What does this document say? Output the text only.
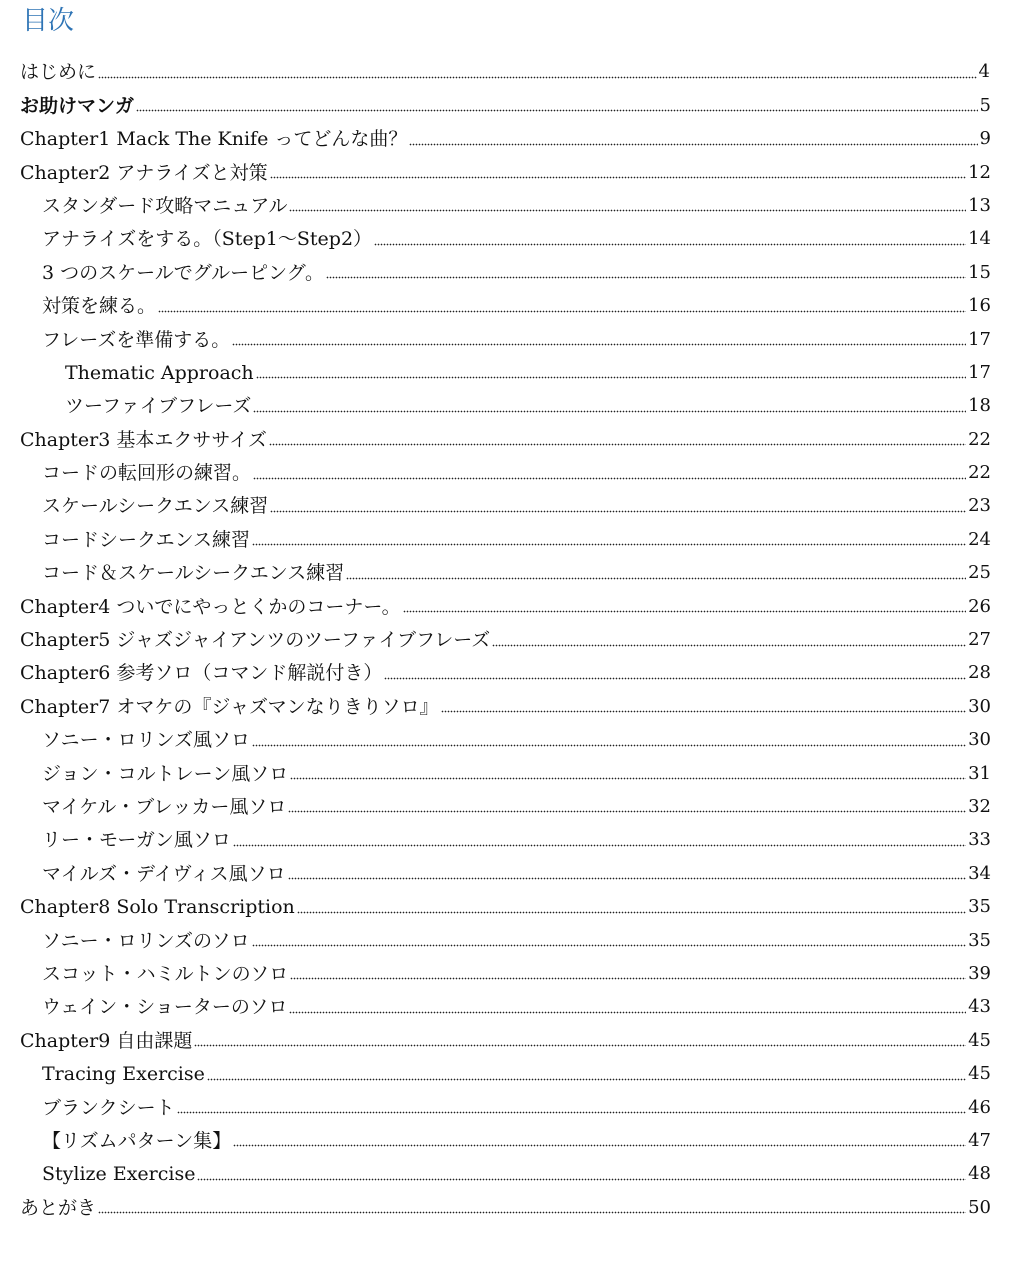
目次
はじめに	4
お助けマンガ	5
Chapter1 Mack The Knife ってどんな曲？	9
Chapter2 アナライズと対策	12
スタンダード攻略マニュアル	13
アナライズをする。（Step1～Step2）	14
3 つのスケールでグルーピング。	15
対策を練る。	16
フレーズを準備する。	17
Thematic Approach	17
ツーファイブフレーズ	18
Chapter3 基本エクササイズ	22
コードの転回形の練習。	22
スケールシークエンス練習	23
コードシークエンス練習	24
コード＆スケールシークエンス練習	25
Chapter4 ついでにやっとくかのコーナー。	26
Chapter5 ジャズジャイアンツのツーファイブフレーズ	27
Chapter6 参考ソロ（コマンド解説付き）	28
Chapter7 オマケの『ジャズマンなりきりソロ』	30
ソニー・ロリンズ風ソロ	30
ジョン・コルトレーン風ソロ	31
マイケル・ブレッカー風ソロ	32
リー・モーガン風ソロ	33
マイルズ・デイヴィス風ソロ	34
Chapter8 Solo Transcription	35
ソニー・ロリンズのソロ	35
スコット・ハミルトンのソロ	39
ウェイン・ショーターのソロ	43
Chapter9 自由課題	45
Tracing Exercise	45
ブランクシート	46
【リズムパターン集】	47
Stylize Exercise	48
あとがき	50
